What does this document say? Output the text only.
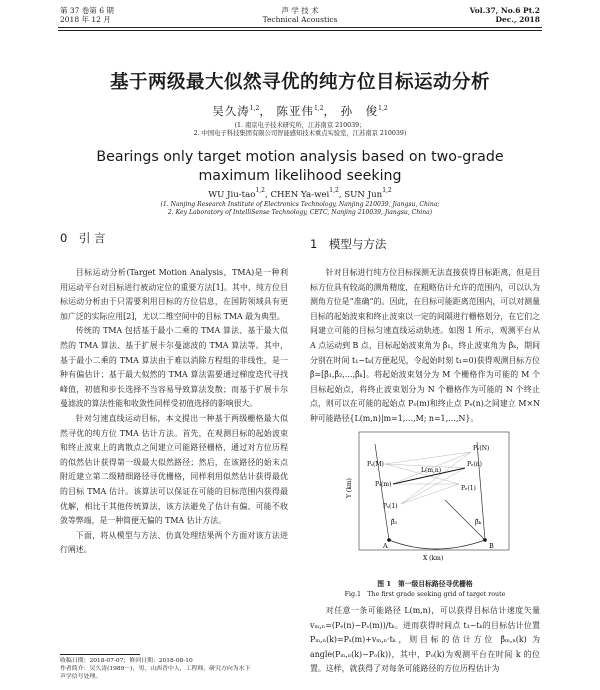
第 37 卷第 6 期
2018 年 12 月
声 学 技 术
Technical Acoustics
Vol.37, No.6 Pt.2
Dec., 2018
基于两级最大似然寻优的纯方位目标运动分析
吴久涛$^{1,2}$， 陈亚伟$^{1,2}$， 孙　俊$^{1,2}$
(1. 南京电子技术研究所，江苏南京 210039；
2. 中国电子科技集团有限公司智能感知技术重点实验室，江苏南京 210039)
Bearings only target motion analysis based on two-grade maximum likelihood seeking
WU Jiu-tao$^{1,2}$, CHEN Ya-wei$^{1,2}$, SUN Jun$^{1,2}$
(1. Nanjing Research Institute of Electronics Technology, Nanjing 210039, Jiangsu, China;
2. Key Laboratory of IntelliSense Technology, CETC, Nanjing 210039, Jiangsu, China)
0　引 言	1　模型与方法

目标运动分析(Target Motion Analysis，TMA)是一种利用运动平台对目标进行被动定位的重要方法[1]。其中，纯方位目标运动分析由于只需要利用目标的方位信息，在国防领域具有更加广泛的实际应用[2]，尤以二维空间中的目标 TMA 最为典型。

传统的 TMA 包括基于最小二乘的 TMA 算法、基于最大似然的 TMA 算法、基于扩展卡尔曼滤波的 TMA 算法等。其中，基于最小二乘的 TMA 算法由于难以消除方程组的非线性，是一种有偏估计；基于最大似然的 TMA 算法需要通过梯度迭代寻找峰值，初值和步长选择不当容易导致算法发散；而基于扩展卡尔曼滤波的算法性能和收敛性同样受初值选择的影响很大。

针对匀速直线运动目标，本文提出一种基于两级栅格最大似然寻优的纯方位 TMA 估计方法。首先，在观测目标的起始波束和终止波束上的离散点之间建立可能路径栅格，通过对方位历程的似然估计获得第一级最大似然路径；然后，在该路径的始末点附近建立第二级精细路径寻优栅格，同样利用似然估计获得最优的目标 TMA 估计。该算法可以保证在可能的目标范围内获得最优解，相比于其他传统算法，该方法避免了估计有偏、可能不收敛等弊端，是一种简便无偏的 TMA 估计方法。

下面，将从模型与方法、仿真处理结果两个方面对该方法进行阐述。

针对目标进行纯方位目标探测无法直接获得目标距离，但是目标方位具有较高的测角精度，在粗略估计允许的范围内，可以认为测角方位是“准确”的。因此，在目标可能距离范围内，可以对测量目标的起始波束和终止波束以一定的间隔进行栅格划分，在它们之间建立可能的目标匀速直线运动轨迹。如图 1 所示，观测平台从 A 点运动到 B 点，目标起始波束角为 β̂₁，终止波束角为 β̂ₖ，期间分别在时间 t₁~tₖ(方便起见，令起始时刻 t₁=0)获得观测目标方位 β̂=[β̂₁,β̂₂,…,β̂ₖ]。将起始波束划分为 M 个栅格作为可能的 M 个目标起始点，将终止波束划分为 N 个栅格作为可能的 N 个终止点，则可以在可能的起始点 Pₛ(m)和终止点 Pₑ(n)之间建立 M×N 种可能路径{L(m,n)|m=1,…,M; n=1,…,N}。

Pₛ(M)
Pₛ(m)
Pₛ(1)
Pₑ(n)
Pₑ(N)
Pₑ(1)
L(m,n)
A	B
β̂₁	β̂ₖ
X (km)
Y (km)
图 1　第一级目标路径寻优栅格
Fig.1　The first grade seeking grid of target route

对任意一条可能路径 L(m,n)，可以获得目标估计速度矢量 vₘ,ₙ=(Pₑ(n)−Pₛ(m))/tₖ。进而获得时间点 t₁~tₖ的目标估计位置 Pₘ,ₙ(k)=Pₛ(m)+vₘ,ₙ·tₖ，则目标的估计方位 β̂ₘ,ₙ(k) 为 angle(Pₘ,ₙ(k)−Pₒ(k))，其中，Pₒ(k)为观测平台在时间 k 的位置。这样，就获得了对每条可能路径的方位历程估计为

收稿日期：2018-07-07；修回日期：2018-08-10
作者简介：吴久涛(1989－)，男，山西晋中人，工程师，研究方向为水下
声学信号处理。
